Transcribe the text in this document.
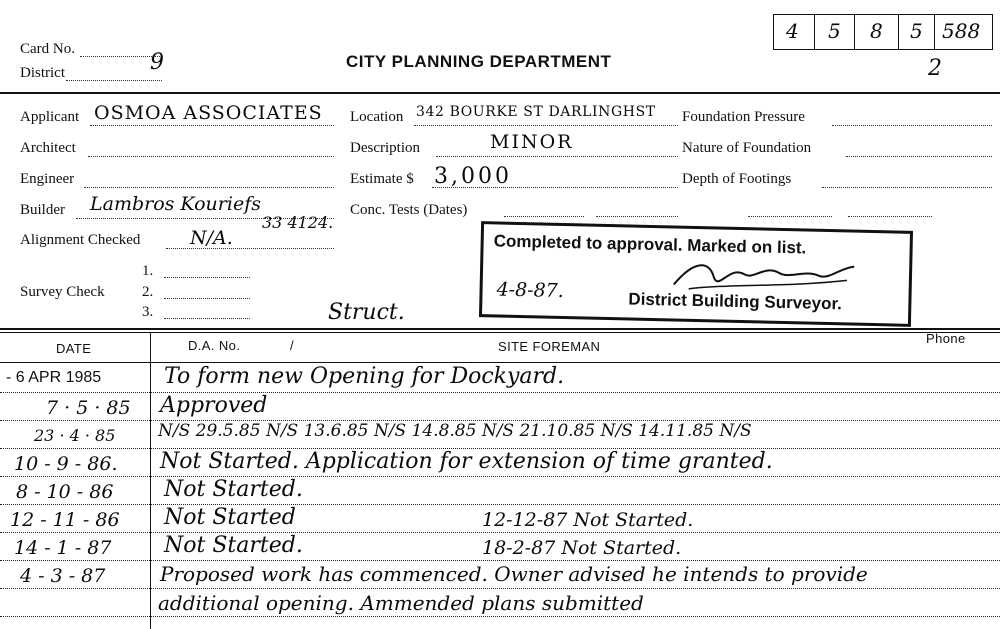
Card No.
District	9	CITY PLANNING DEPARTMENT
4 5 8 5 588
2
Applicant OSMOA ASSOCIATES
Architect
Engineer
Builder Lambros Kouriefs
33 4124.
Alignment Checked	N/A.
1.
Survey Check 2.
3.	Struct.
Location 342 BOURKE ST DARLINGHST
Description	MINOR
Estimate $ 3,000
Conc. Tests (Dates)
Foundation Pressure
Nature of Foundation
Depth of Footings
Completed to approval. Marked on list.
4-8-87.	District Building Surveyor.
DATE	D.A. No.	/	SITE FOREMAN
Phone
- 6 APR 1985	To form new Opening for Dockyard.
7 · 5 · 85 Approved
23 · 4 · 85	N/S 29.5.85 N/S 13.6.85 N/S 14.8.85 N/S 21.10.85 N/S 14.11.85 N/S
10 - 9 - 86. Not Started. Application for extension of time granted.
8 - 10 - 86 Not Started.
12 - 11 - 86 Not Started	12-12-87 Not Started.
14 - 1 - 87 Not Started.	18-2-87 Not Started.
4 - 3 - 87	Proposed work has commenced. Owner advised he intends to provide
additional opening. Ammended plans submitted
